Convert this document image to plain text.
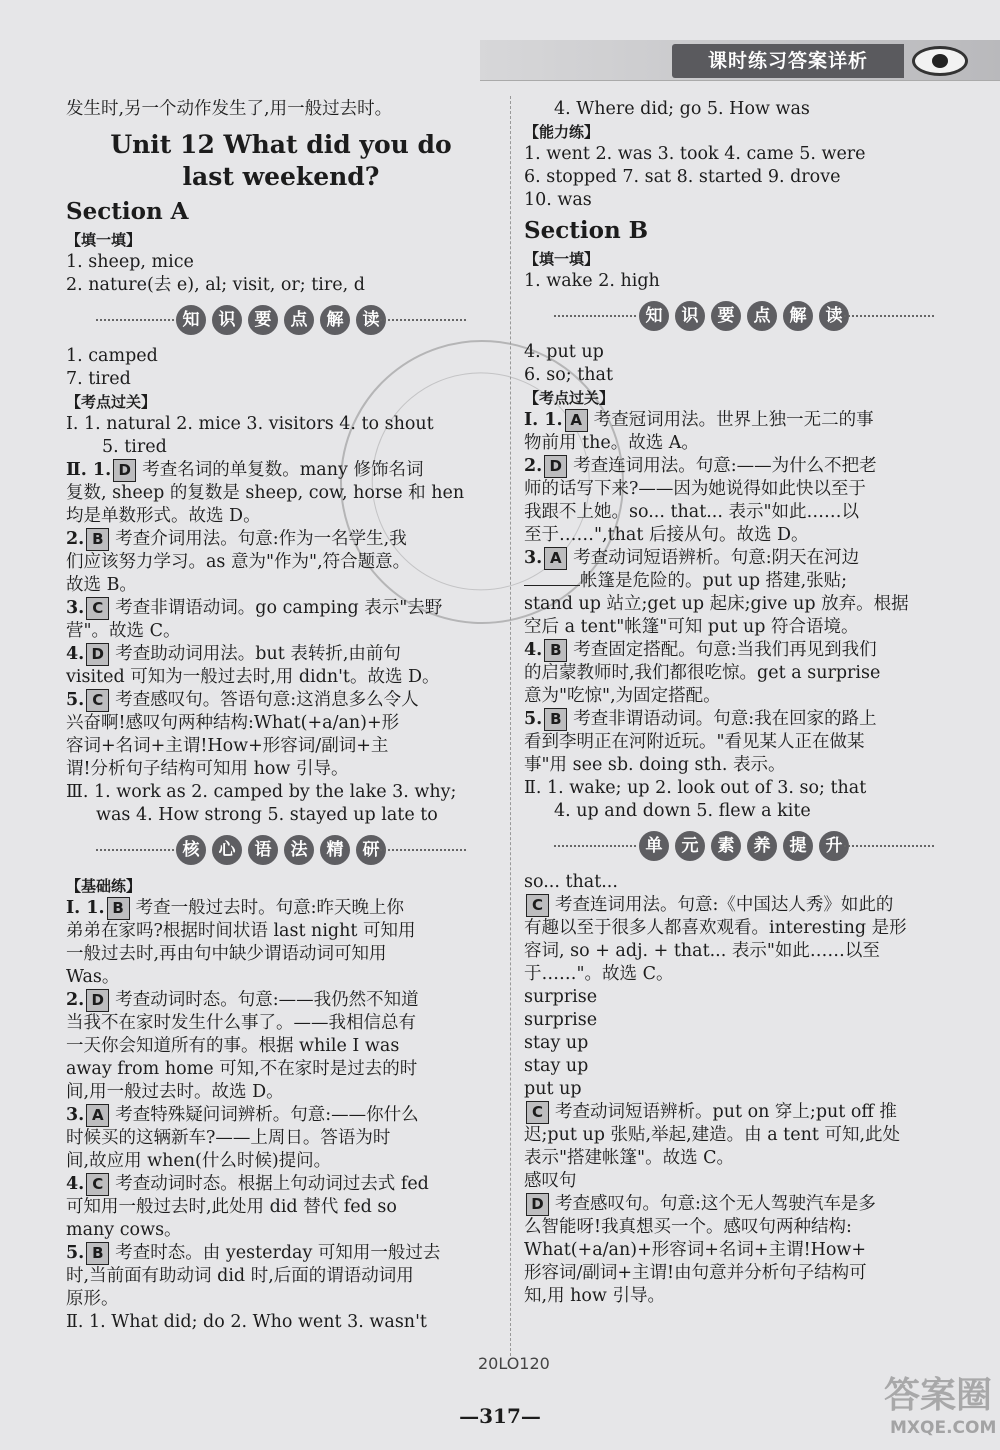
课时练习答案详析
发生时,另一个动作发生了,用一般过去时。
Unit 12 What did you do
last weekend?
Section A
【填一填】
1. sheep, mice
2. nature(去 e), al; visit, or; tire, d
知	识	要	点	解	读
1. camped
7. tired
【考点过关】
Ⅰ. 1. natural 2. mice 3. visitors 4. to shout
5. tired
Ⅱ. 1. D 考查名词的单复数。many 修饰名词
复数, sheep 的复数是 sheep, cow, horse 和 hen
均是单数形式。故选 D。
2. B 考查介词用法。句意:作为一名学生,我
们应该努力学习。as 意为"作为",符合题意。
故选 B。
3. C 考查非谓语动词。go camping 表示"去野
营"。故选 C。
4. D 考查助动词用法。but 表转折,由前句
visited 可知为一般过去时,用 didn't。故选 D。
5. C 考查感叹句。答语句意:这消息多么令人
兴奋啊!感叹句两种结构:What(+a/an)+形
容词+名词+主谓!How+形容词/副词+主
谓!分析句子结构可知用 how 引导。
Ⅲ. 1. work as 2. camped by the lake 3. why;
was 4. How strong 5. stayed up late to
核	心	语	法	精	研
【基础练】
Ⅰ. 1. B 考查一般过去时。句意:昨天晚上你
弟弟在家吗?根据时间状语 last night 可知用
一般过去时,再由句中缺少谓语动词可知用
Was。
2. D 考查动词时态。句意:——我仍然不知道
当我不在家时发生什么事了。——我相信总有
一天你会知道所有的事。根据 while I was
away from home 可知,不在家时是过去的时
间,用一般过去时。故选 D。
3. A 考查特殊疑问词辨析。句意:——你什么
时候买的这辆新车?——上周日。答语为时
间,故应用 when(什么时候)提问。
4. C 考查动词时态。根据上句动词过去式 fed
可知用一般过去时,此处用 did 替代 fed so
many cows。
5. B 考查时态。由 yesterday 可知用一般过去
时,当前面有助动词 did 时,后面的谓语动词用
原形。
Ⅱ. 1. What did; do 2. Who went 3. wasn't
4. Where did; go 5. How was
【能力练】
1. went 2. was 3. took 4. came 5. were
6. stopped 7. sat 8. started 9. drove
10. was
Section B
【填一填】
1. wake 2. high
知	识	要	点	解	读
4. put up
6. so; that
【考点过关】
Ⅰ. 1. A 考查冠词用法。世界上独一无二的事
物前用 the。故选 A。
2. D 考查连词用法。句意:——为什么不把老
师的话写下来?——因为她说得如此快以至于
我跟不上她。so... that... 表示"如此……以
至于……",that 后接从句。故选 D。
3. A 考查动词短语辨析。句意:阴天在河边
帐篷是危险的。put up 搭建,张贴;
stand up 站立;get up 起床;give up 放弃。根据
空后 a tent"帐篷"可知 put up 符合语境。
4. B 考查固定搭配。句意:当我们再见到我们
的启蒙教师时,我们都很吃惊。get a surprise
意为"吃惊",为固定搭配。
5. B 考查非谓语动词。句意:我在回家的路上
看到李明正在河附近玩。"看见某人正在做某
事"用 see sb. doing sth. 表示。
Ⅱ. 1. wake; up 2. look out of 3. so; that
4. up and down 5. flew a kite
单	元	素	养	提	升
so... that...
C 考查连词用法。句意:《中国达人秀》如此的
有趣以至于很多人都喜欢观看。interesting 是形
容词, so + adj. + that... 表示"如此……以至
于……"。故选 C。
surprise
surprise
stay up
stay up
put up
C 考查动词短语辨析。put on 穿上;put off 推
迟;put up 张贴,举起,建造。由 a tent 可知,此处
表示"搭建帐篷"。故选 C。
感叹句
D 考查感叹句。句意:这个无人驾驶汽车是多
么智能呀!我真想买一个。感叹句两种结构:
What(+a/an)+形容词+名词+主谓!How+
形容词/副词+主谓!由句意并分析句子结构可
知,用 how 引导。
20LO120
—317—	答案圈
MXQE.COM
